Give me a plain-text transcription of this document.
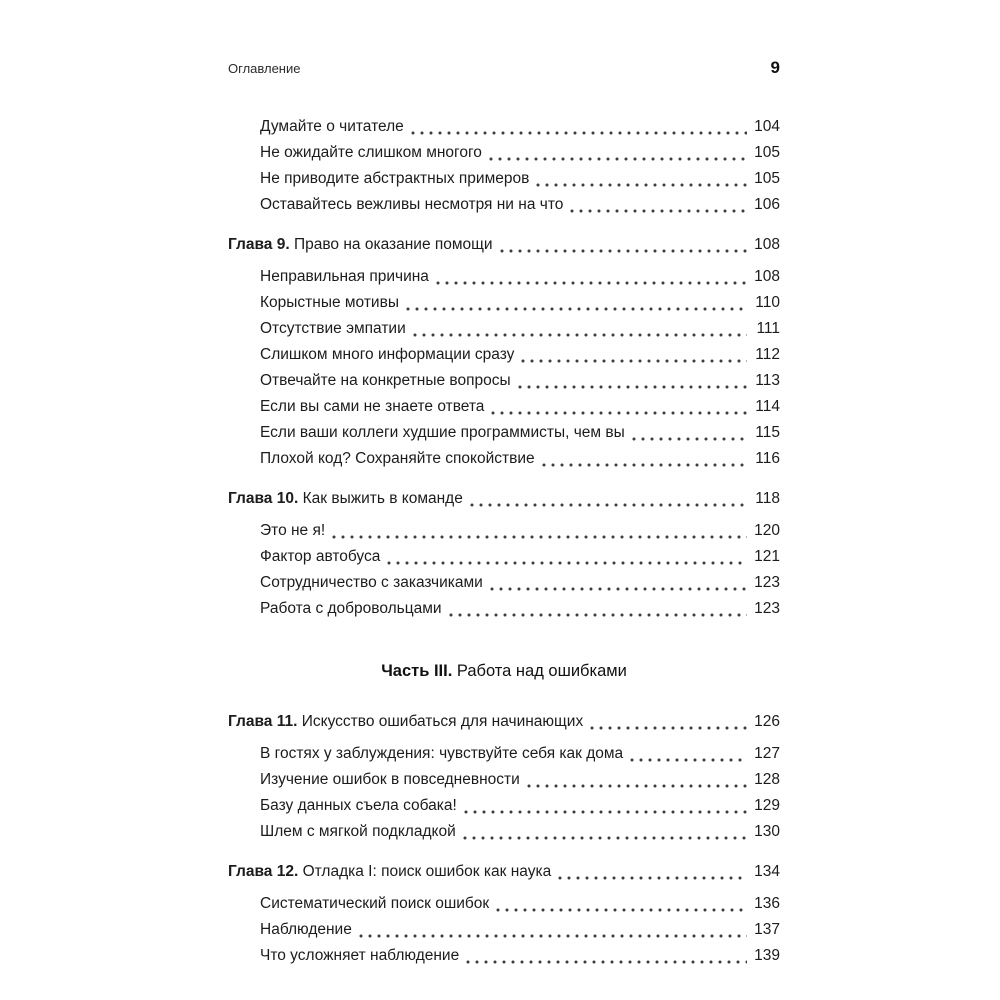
Оглавление	9
Думайте о читателе	104
Не ожидайте слишком многого	105
Не приводите абстрактных примеров	105
Оставайтесь вежливы несмотря ни на что	106
Глава 9. Право на оказание помощи	108
Неправильная причина	108
Корыстные мотивы	110
Отсутствие эмпатии	111
Слишком много информации сразу	112
Отвечайте на конкретные вопросы	113
Если вы сами не знаете ответа	114
Если ваши коллеги худшие программисты, чем вы	115
Плохой код? Сохраняйте спокойствие	116
Глава 10. Как выжить в команде	118
Это не я!	120
Фактор автобуса	121
Сотрудничество с заказчиками	123
Работа с добровольцами	123
Часть III. Работа над ошибками
Глава 11. Искусство ошибаться для начинающих	126
В гостях у заблуждения: чувствуйте себя как дома	127
Изучение ошибок в повседневности	128
Базу данных съела собака!	129
Шлем с мягкой подкладкой	130
Глава 12. Отладка I: поиск ошибок как наука	134
Систематический поиск ошибок	136
Наблюдение	137
Что усложняет наблюдение	139
